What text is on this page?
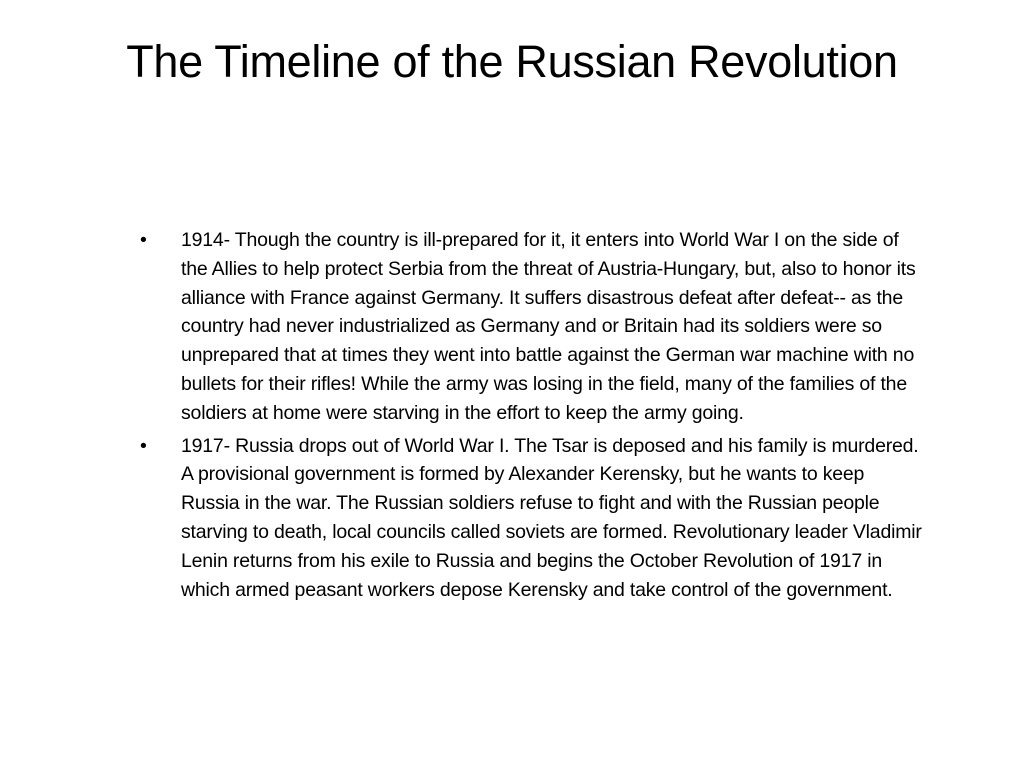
The Timeline of the Russian Revolution
• 1914- Though the country is ill-prepared for it, it enters into World War I on the side of the Allies to help protect Serbia from the threat of Austria-Hungary, but, also to honor its alliance with France against Germany. It suffers disastrous defeat after defeat-- as the country had never industrialized as Germany and or Britain had its soldiers were so unprepared that at times they went into battle against the German war machine with no bullets for their rifles! While the army was losing in the field, many of the families of the soldiers at home were starving in the effort to keep the army going.
• 1917- Russia drops out of World War I. The Tsar is deposed and his family is murdered. A provisional government is formed by Alexander Kerensky, but he wants to keep Russia in the war. The Russian soldiers refuse to fight and with the Russian people starving to death, local councils called soviets are formed. Revolutionary leader Vladimir Lenin returns from his exile to Russia and begins the October Revolution of 1917 in which armed peasant workers depose Kerensky and take control of the government.
